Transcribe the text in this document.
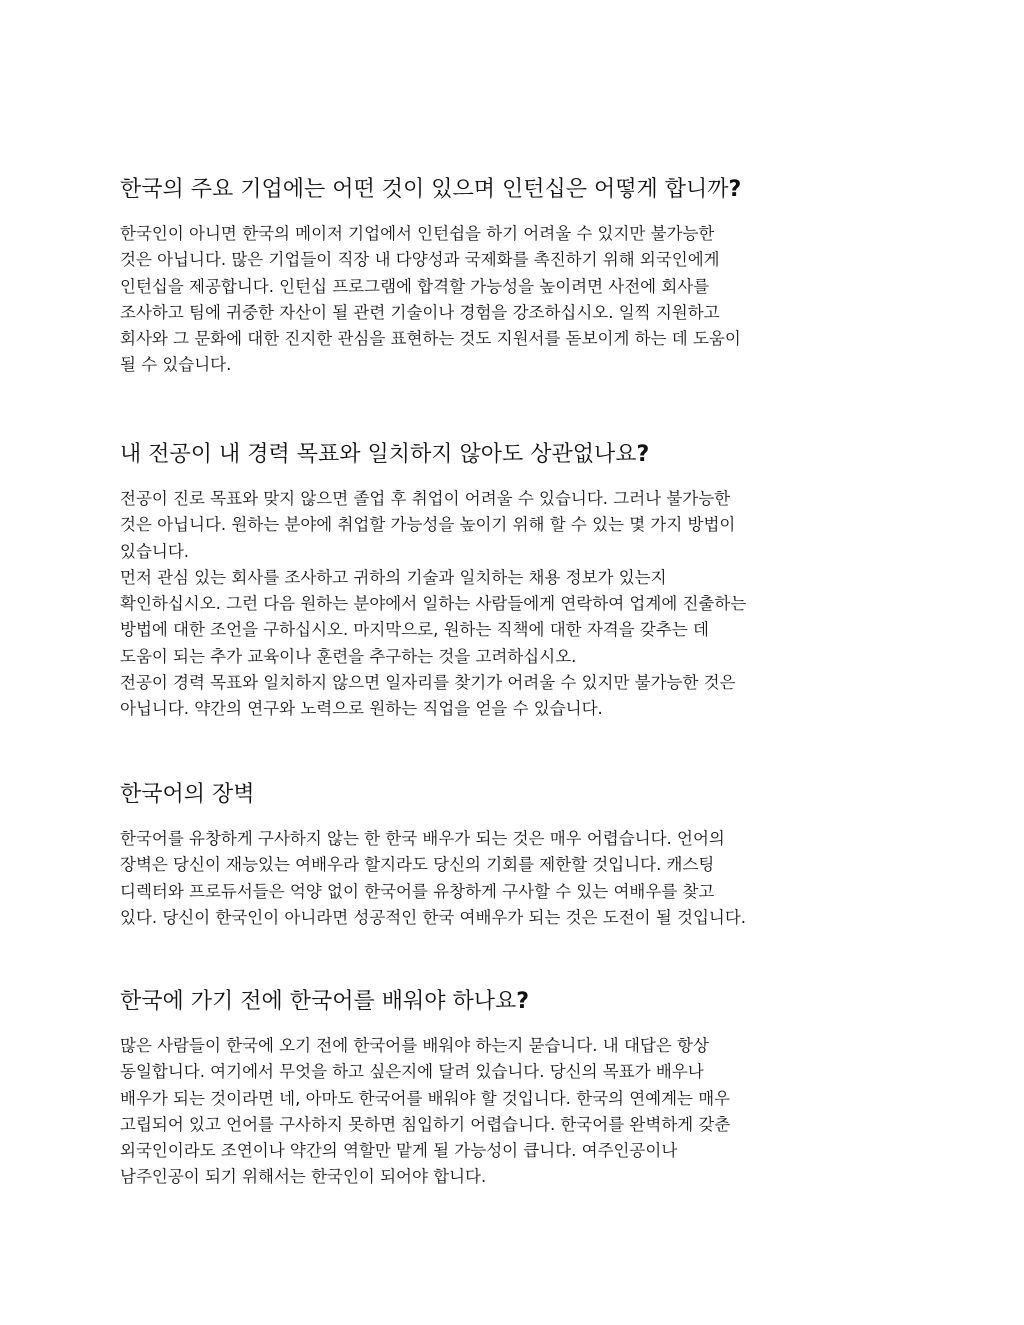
한국의 주요 기업에는 어떤 것이 있으며 인턴십은 어떻게 합니까?

한국인이 아니면 한국의 메이저 기업에서 인턴쉽을 하기 어려울 수 있지만 불가능한
것은 아닙니다. 많은 기업들이 직장 내 다양성과 국제화를 촉진하기 위해 외국인에게
인턴십을 제공합니다. 인턴십 프로그램에 합격할 가능성을 높이려면 사전에 회사를
조사하고 팀에 귀중한 자산이 될 관련 기술이나 경험을 강조하십시오. 일찍 지원하고
회사와 그 문화에 대한 진지한 관심을 표현하는 것도 지원서를 돋보이게 하는 데 도움이
될 수 있습니다.

내 전공이 내 경력 목표와 일치하지 않아도 상관없나요?

전공이 진로 목표와 맞지 않으면 졸업 후 취업이 어려울 수 있습니다. 그러나 불가능한
것은 아닙니다. 원하는 분야에 취업할 가능성을 높이기 위해 할 수 있는 몇 가지 방법이
있습니다.
먼저 관심 있는 회사를 조사하고 귀하의 기술과 일치하는 채용 정보가 있는지
확인하십시오. 그런 다음 원하는 분야에서 일하는 사람들에게 연락하여 업계에 진출하는
방법에 대한 조언을 구하십시오. 마지막으로, 원하는 직책에 대한 자격을 갖추는 데
도움이 되는 추가 교육이나 훈련을 추구하는 것을 고려하십시오.
전공이 경력 목표와 일치하지 않으면 일자리를 찾기가 어려울 수 있지만 불가능한 것은
아닙니다. 약간의 연구와 노력으로 원하는 직업을 얻을 수 있습니다.

한국어의 장벽

한국어를 유창하게 구사하지 않는 한 한국 배우가 되는 것은 매우 어렵습니다. 언어의
장벽은 당신이 재능있는 여배우라 할지라도 당신의 기회를 제한할 것입니다. 캐스팅
디렉터와 프로듀서들은 억양 없이 한국어를 유창하게 구사할 수 있는 여배우를 찾고
있다. 당신이 한국인이 아니라면 성공적인 한국 여배우가 되는 것은 도전이 될 것입니다.

한국에 가기 전에 한국어를 배워야 하나요?

많은 사람들이 한국에 오기 전에 한국어를 배워야 하는지 묻습니다. 내 대답은 항상
동일합니다. 여기에서 무엇을 하고 싶은지에 달려 있습니다. 당신의 목표가 배우나
배우가 되는 것이라면 네, 아마도 한국어를 배워야 할 것입니다. 한국의 연예계는 매우
고립되어 있고 언어를 구사하지 못하면 침입하기 어렵습니다. 한국어를 완벽하게 갖춘
외국인이라도 조연이나 약간의 역할만 맡게 될 가능성이 큽니다. 여주인공이나
남주인공이 되기 위해서는 한국인이 되어야 합니다.
